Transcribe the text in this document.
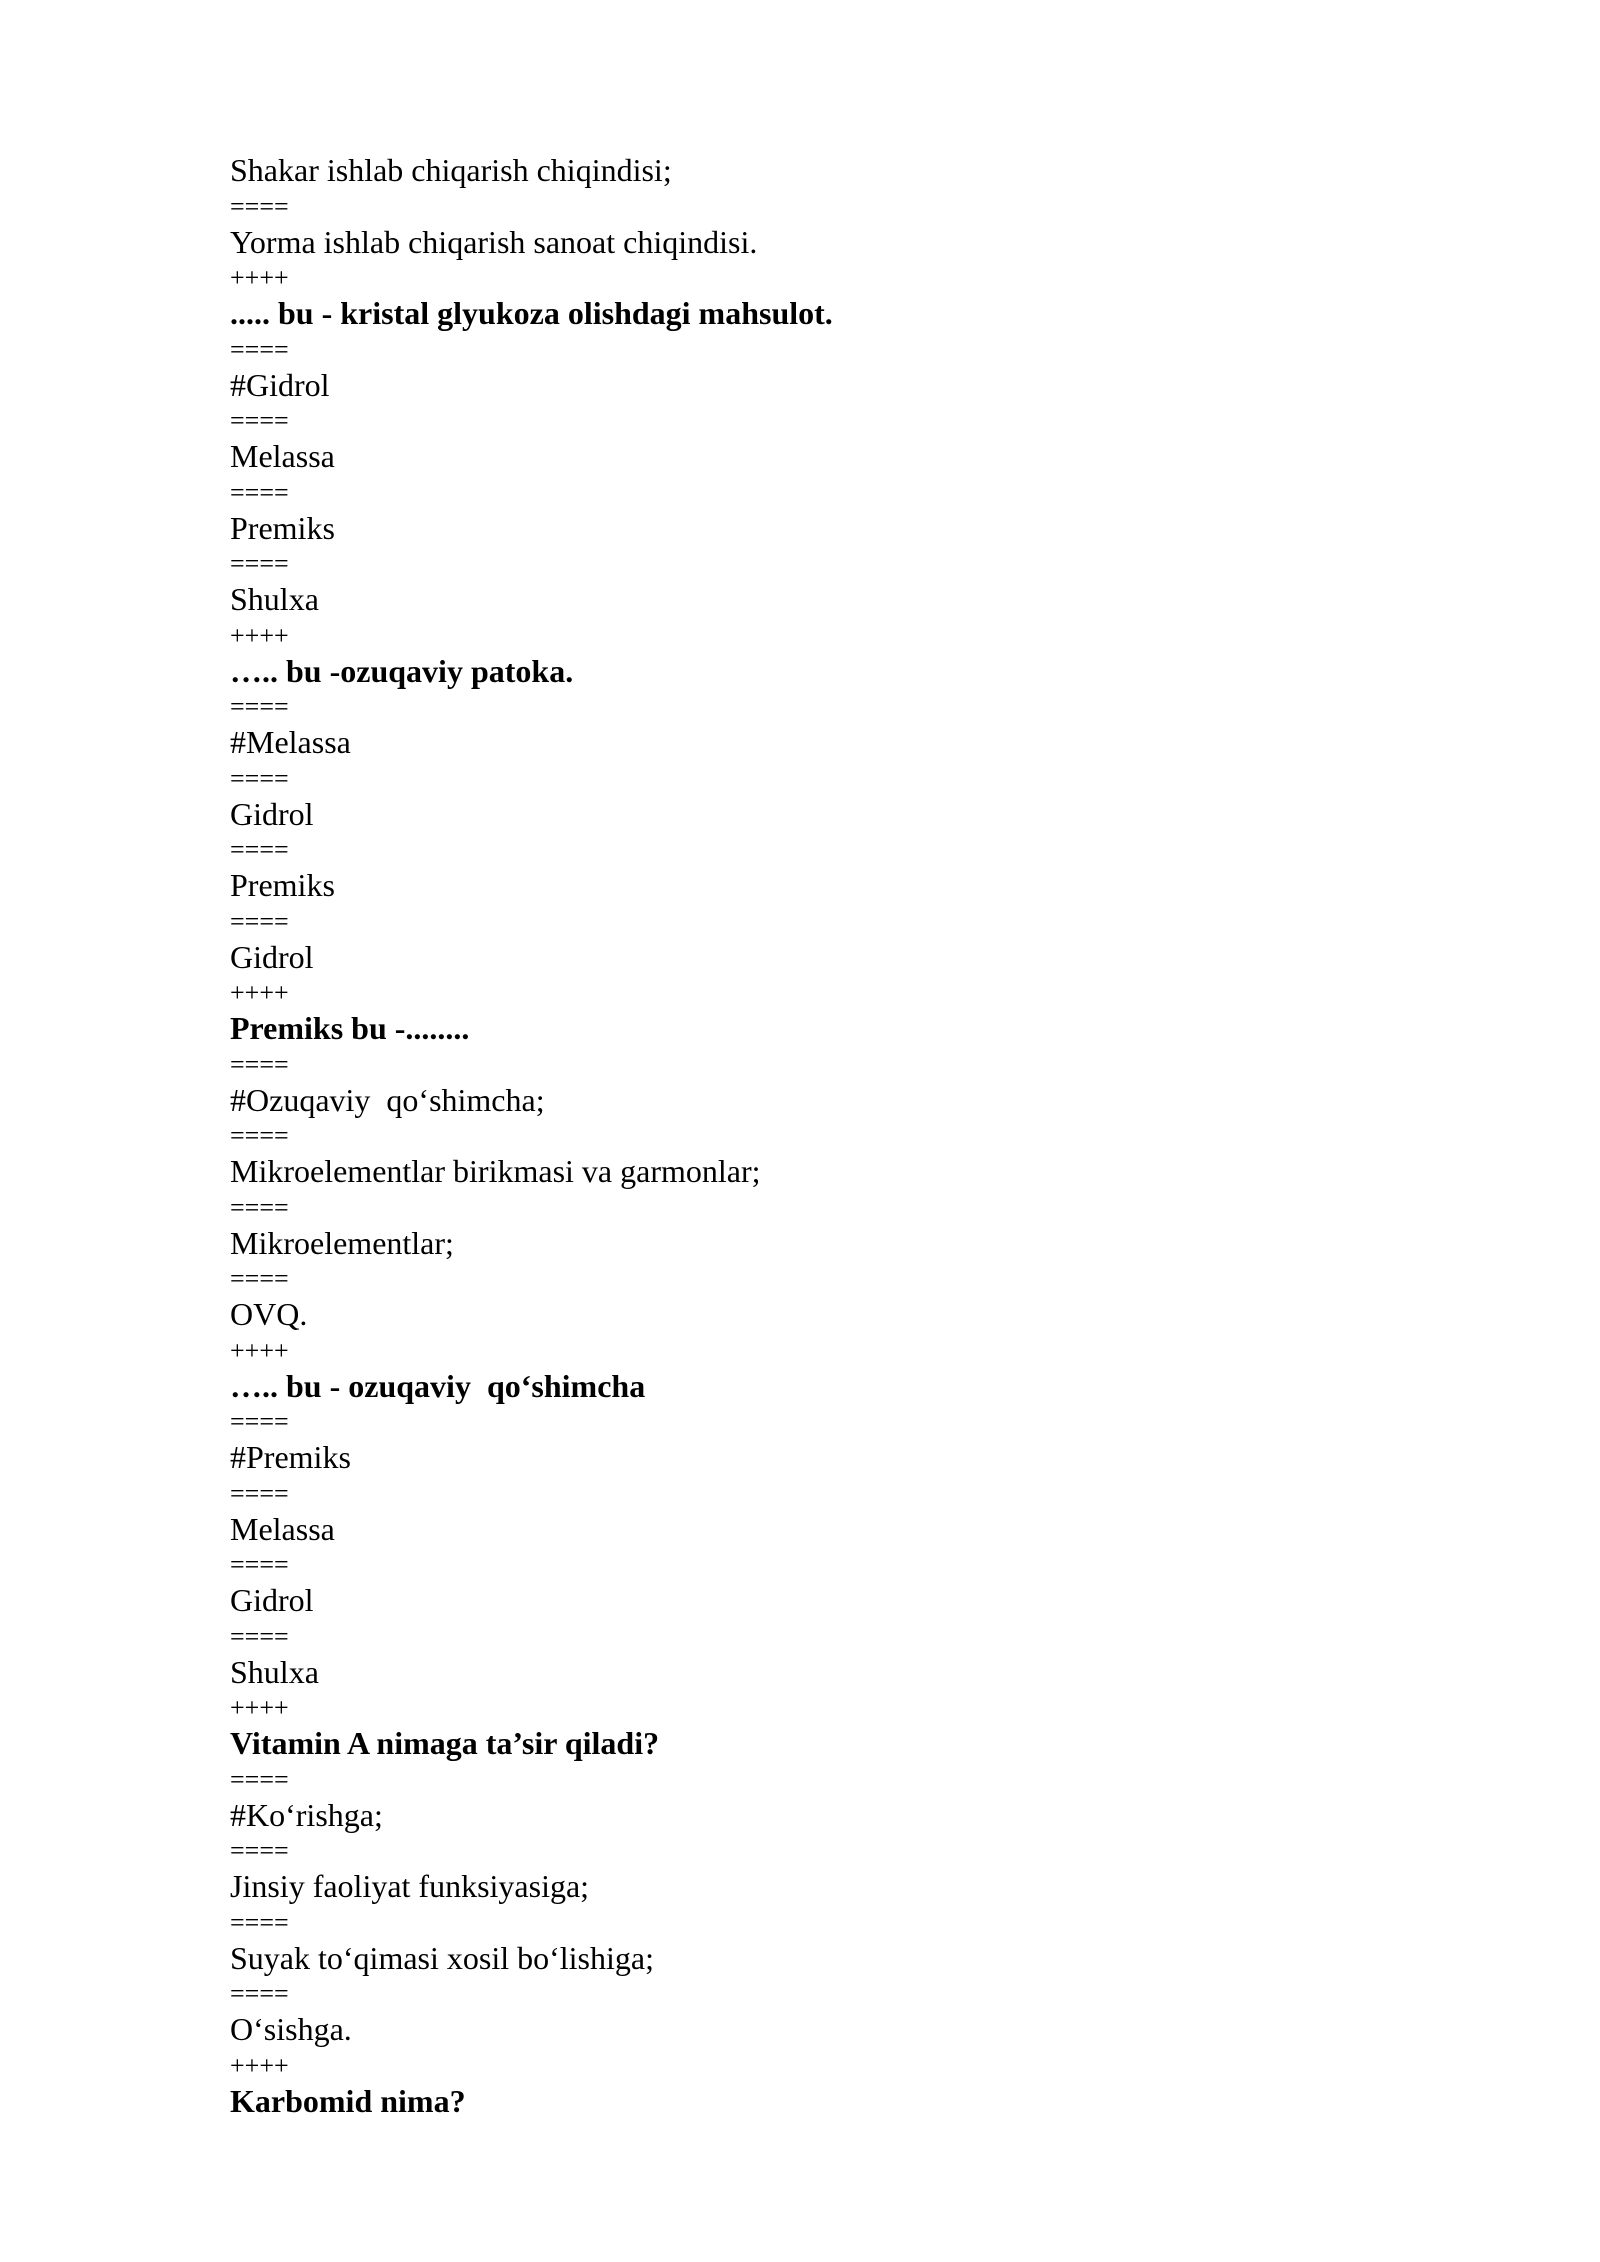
Shakar ishlab chiqarish chiqindisi;
====
Yorma ishlab chiqarish sanoat chiqindisi.
++++
..... bu - kristal glyukoza olishdagi mahsulot.
====
#Gidrol
====
Melassa
====
Premiks
====
Shulxa
++++
….. bu -ozuqaviy patoka.
====
#Melassa
====
Gidrol
====
Premiks
====
Gidrol
++++
Premiks bu -........
====
#Ozuqaviy  qo‘shimcha;
====
Mikroelementlar birikmasi va garmonlar;
====
Mikroelementlar;
====
OVQ.
++++
….. bu - ozuqaviy  qo‘shimcha
====
#Premiks
====
Melassa
====
Gidrol
====
Shulxa
++++
Vitamin A nimaga ta’sir qiladi?
====
#Ko‘rishga;
====
Jinsiy faoliyat funksiyasiga;
====
Suyak to‘qimasi xosil bo‘lishiga;
====
O‘sishga.
++++
Karbomid nima?
